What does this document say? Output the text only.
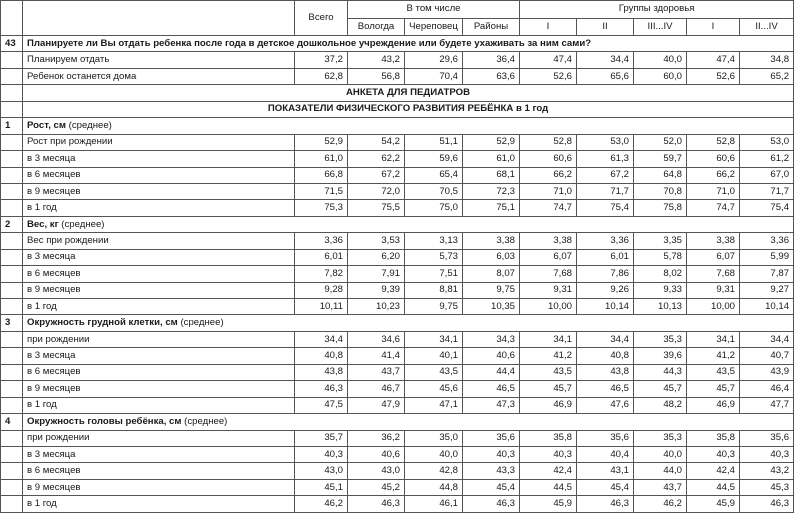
		Всего	В том числе			Группы здоровья				
			Вологда	Череповец	Районы	I	II	III...IV	I	II...IV
43	Планируете ли Вы отдать ребенка после года в детское дошкольное учреждение или будете ухаживать за ним сами?									
	Планируем отдать	37,2	43,2	29,6	36,4	47,4	34,4	40,0	47,4	34,8
	Ребенок останется дома	62,8	56,8	70,4	63,6	52,6	65,6	60,0	52,6	65,2
	АНКЕТА ДЛЯ ПЕДИАТРОВ									
	ПОКАЗАТЕЛИ ФИЗИЧЕСКОГО РАЗВИТИЯ РЕБЁНКА в 1 год									
1	Рост, см (среднее)									
	Рост при рождении	52,9	54,2	51,1	52,9	52,8	53,0	52,0	52,8	53,0
	в 3 месяца	61,0	62,2	59,6	61,0	60,6	61,3	59,7	60,6	61,2
	в 6 месяцев	66,8	67,2	65,4	68,1	66,2	67,2	64,8	66,2	67,0
	в 9 месяцев	71,5	72,0	70,5	72,3	71,0	71,7	70,8	71,0	71,7
	в 1 год	75,3	75,5	75,0	75,1	74,7	75,4	75,8	74,7	75,4
2	Вес, кг (среднее)									
	Вес при рождении	3,36	3,53	3,13	3,38	3,38	3,36	3,35	3,38	3,36
	в 3 месяца	6,01	6,20	5,73	6,03	6,07	6,01	5,78	6,07	5,99
	в 6 месяцев	7,82	7,91	7,51	8,07	7,68	7,86	8,02	7,68	7,87
	в 9 месяцев	9,28	9,39	8,81	9,75	9,31	9,26	9,33	9,31	9,27
	в 1 год	10,11	10,23	9,75	10,35	10,00	10,14	10,13	10,00	10,14
3	Окружность грудной клетки, см (среднее)									
	при рождении	34,4	34,6	34,1	34,3	34,1	34,4	35,3	34,1	34,4
	в 3 месяца	40,8	41,4	40,1	40,6	41,2	40,8	39,6	41,2	40,7
	в 6 месяцев	43,8	43,7	43,5	44,4	43,5	43,8	44,3	43,5	43,9
	в 9 месяцев	46,3	46,7	45,6	46,5	45,7	46,5	45,7	45,7	46,4
	в 1 год	47,5	47,9	47,1	47,3	46,9	47,6	48,2	46,9	47,7
4	Окружность головы ребёнка, см (среднее)									
	при рождении	35,7	36,2	35,0	35,6	35,8	35,6	35,3	35,8	35,6
	в 3 месяца	40,3	40,6	40,0	40,3	40,3	40,4	40,0	40,3	40,3
	в 6 месяцев	43,0	43,0	42,8	43,3	42,4	43,1	44,0	42,4	43,2
	в 9 месяцев	45,1	45,2	44,8	45,4	44,5	45,4	43,7	44,5	45,3
	в 1 год	46,2	46,3	46,1	46,3	45,9	46,3	46,2	45,9	46,3
